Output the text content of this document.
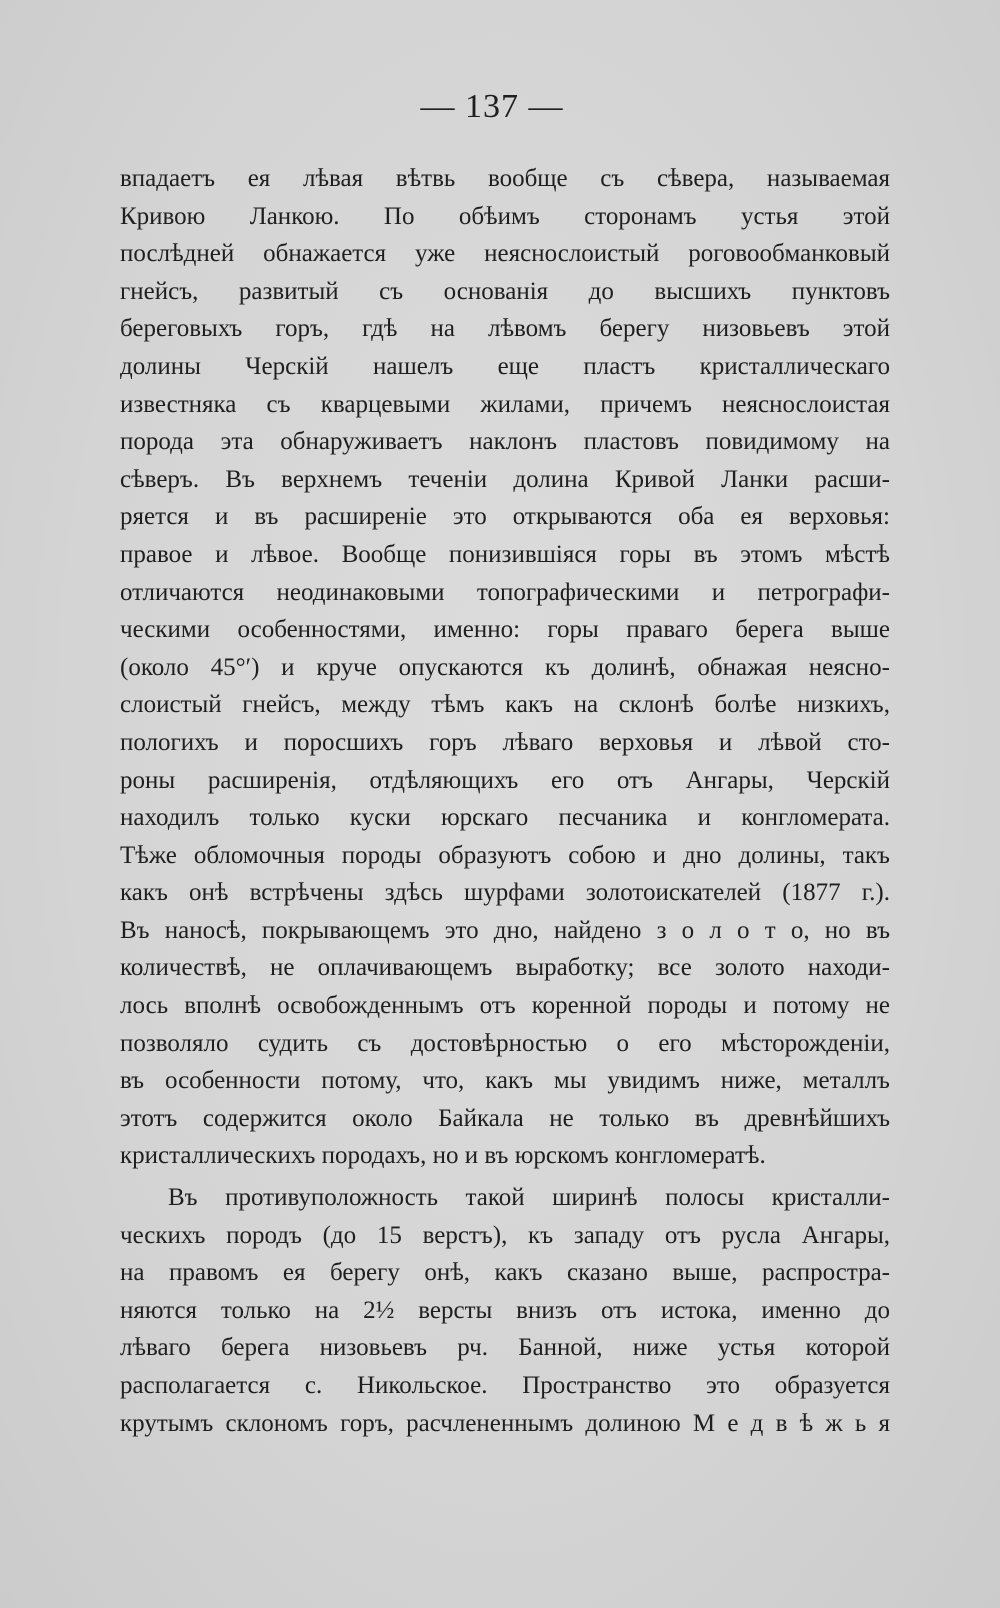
— 137 —
впадаетъ ея лѣвая вѣтвь вообще съ сѣвера, называемая
Кривою Ланкою. По обѣимъ сторонамъ устья этой
послѣдней обнажается уже неяснослоистый роговообманковый
гнейсъ, развитый съ основанія до высшихъ пунктовъ
береговыхъ горъ, гдѣ на лѣвомъ берегу низовьевъ этой
долины Черскій нашелъ еще пластъ кристаллическаго
известняка съ кварцевыми жилами, причемъ неяснослоистая
порода эта обнаруживаетъ наклонъ пластовъ повидимому на
сѣверъ. Въ верхнемъ теченіи долина Кривой Ланки расши-
ряется и въ расширеніе это открываются оба ея верховья:
правое и лѣвое. Вообще понизившіяся горы въ этомъ мѣстѣ
отличаются неодинаковыми топографическими и петрографи-
ческими особенностями, именно: горы праваго берега выше
(около 45°′) и круче опускаются къ долинѣ, обнажая неясно-
слоистый гнейсъ, между тѣмъ какъ на склонѣ болѣе низкихъ,
пологихъ и поросшихъ горъ лѣваго верховья и лѣвой сто-
роны расширенія, отдѣляющихъ его отъ Ангары, Черскій
находилъ только куски юрскаго песчаника и конгломерата.
Тѣже обломочныя породы образуютъ собою и дно долины, такъ
какъ онѣ встрѣчены здѣсь шурфами золотоискателей (1877 г.).
Въ наносѣ, покрывающемъ это дно, найдено з о л о т о, но въ
количествѣ, не оплачивающемъ выработку; все золото находи-
лось вполнѣ освобожденнымъ отъ коренной породы и потому не
позволяло судить съ достовѣрностью о его мѣсторожденіи,
въ особенности потому, что, какъ мы увидимъ ниже, металлъ
этотъ содержится около Байкала не только въ древнѣйшихъ
кристаллическихъ породахъ, но и въ юрскомъ конгломератѣ.
Въ противуположность такой ширинѣ полосы кристалли-
ческихъ породъ (до 15 верстъ), къ западу отъ русла Ангары,
на правомъ ея берегу онѣ, какъ сказано выше, распростра-
няются только на 2½ версты внизъ отъ истока, именно до
лѣваго берега низовьевъ рч. Банной, ниже устья которой
располагается с. Никольское. Пространство это образуется
крутымъ склономъ горъ, расчлененнымъ долиною М е д в ѣ ж ь я
